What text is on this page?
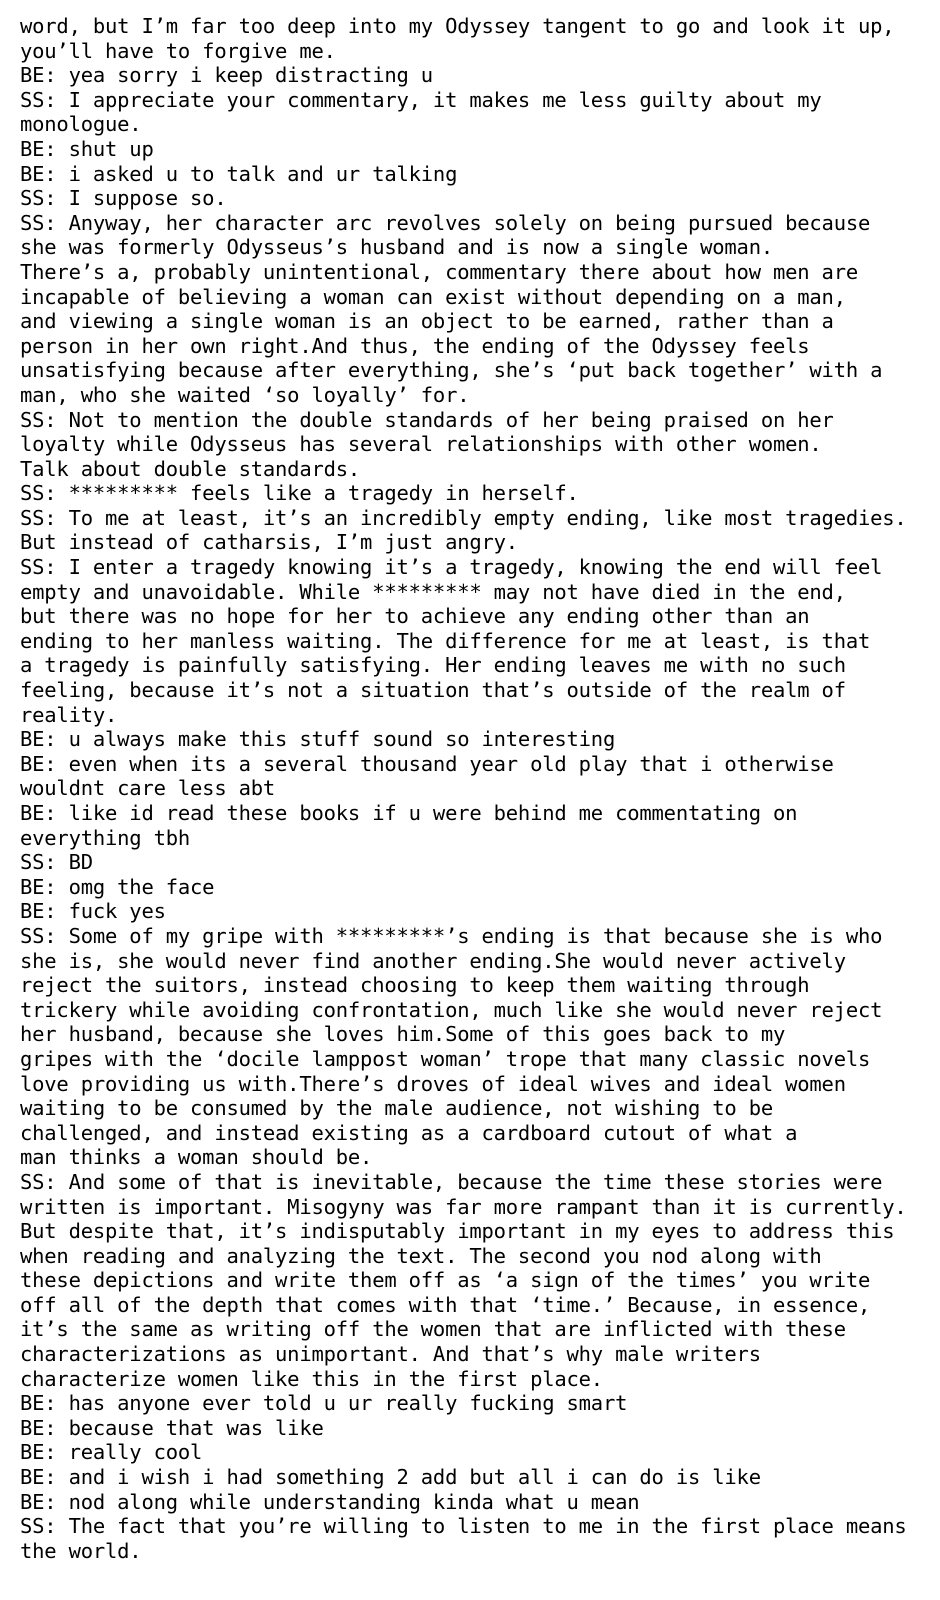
word, but I’m far too deep into my Odyssey tangent to go and look it up,
you’ll have to forgive me.
BE: yea sorry i keep distracting u
SS: I appreciate your commentary, it makes me less guilty about my
monologue.
BE: shut up
BE: i asked u to talk and ur talking
SS: I suppose so.
SS: Anyway, her character arc revolves solely on being pursued because
she was formerly Odysseus’s husband and is now a single woman.
There’s a, probably unintentional, commentary there about how men are
incapable of believing a woman can exist without depending on a man,
and viewing a single woman is an object to be earned, rather than a
person in her own right.And thus, the ending of the Odyssey feels
unsatisfying because after everything, she’s ‘put back together’ with a
man, who she waited ‘so loyally’ for.
SS: Not to mention the double standards of her being praised on her
loyalty while Odysseus has several relationships with other women.
Talk about double standards.
SS: ********* feels like a tragedy in herself.
SS: To me at least, it’s an incredibly empty ending, like most tragedies.
But instead of catharsis, I’m just angry.
SS: I enter a tragedy knowing it’s a tragedy, knowing the end will feel
empty and unavoidable. While ********* may not have died in the end,
but there was no hope for her to achieve any ending other than an
ending to her manless waiting. The difference for me at least, is that
a tragedy is painfully satisfying. Her ending leaves me with no such
feeling, because it’s not a situation that’s outside of the realm of
reality.
BE: u always make this stuff sound so interesting
BE: even when its a several thousand year old play that i otherwise
wouldnt care less abt
BE: like id read these books if u were behind me commentating on
everything tbh
SS: BD
BE: omg the face
BE: fuck yes
SS: Some of my gripe with *********’s ending is that because she is who
she is, she would never find another ending.She would never actively
reject the suitors, instead choosing to keep them waiting through
trickery while avoiding confrontation, much like she would never reject
her husband, because she loves him.Some of this goes back to my
gripes with the ‘docile lamppost woman’ trope that many classic novels
love providing us with.There’s droves of ideal wives and ideal women
waiting to be consumed by the male audience, not wishing to be
challenged, and instead existing as a cardboard cutout of what a
man thinks a woman should be.
SS: And some of that is inevitable, because the time these stories were
written is important. Misogyny was far more rampant than it is currently.
But despite that, it’s indisputably important in my eyes to address this
when reading and analyzing the text. The second you nod along with
these depictions and write them off as ‘a sign of the times’ you write
off all of the depth that comes with that ‘time.’ Because, in essence,
it’s the same as writing off the women that are inflicted with these
characterizations as unimportant. And that’s why male writers
characterize women like this in the first place.
BE: has anyone ever told u ur really fucking smart
BE: because that was like
BE: really cool
BE: and i wish i had something 2 add but all i can do is like
BE: nod along while understanding kinda what u mean
SS: The fact that you’re willing to listen to me in the first place means
the world.
